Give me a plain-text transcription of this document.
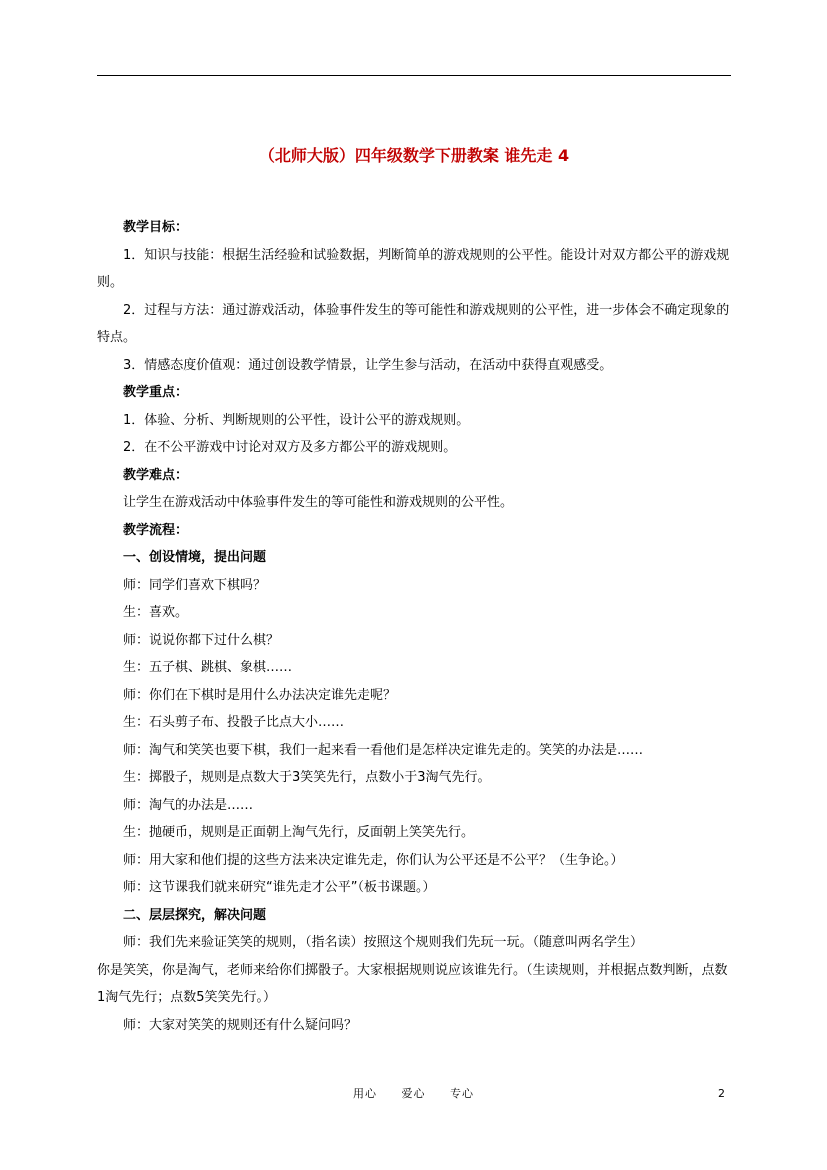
（北师大版）四年级数学下册教案 谁先走 4

教学目标：

1．知识与技能：根据生活经验和试验数据，判断简单的游戏规则的公平性。能设计对双方都公平的游戏规则。

2．过程与方法：通过游戏活动，体验事件发生的等可能性和游戏规则的公平性，进一步体会不确定现象的特点。

3．情感态度价值观：通过创设教学情景，让学生参与活动，在活动中获得直观感受。

教学重点：

1．体验、分析、判断规则的公平性，设计公平的游戏规则。

2．在不公平游戏中讨论对双方及多方都公平的游戏规则。

教学难点：

让学生在游戏活动中体验事件发生的等可能性和游戏规则的公平性。

教学流程：

一、创设情境，提出问题

师：同学们喜欢下棋吗？

生：喜欢。

师：说说你都下过什么棋？

生：五子棋、跳棋、象棋……

师：你们在下棋时是用什么办法决定谁先走呢？

生：石头剪子布、投骰子比点大小……

师：淘气和笑笑也要下棋，我们一起来看一看他们是怎样决定谁先走的。笑笑的办法是……

生：掷骰子，规则是点数大于3笑笑先行，点数小于3淘气先行。

师：淘气的办法是……

生：抛硬币，规则是正面朝上淘气先行，反面朝上笑笑先行。

师：用大家和他们提的这些方法来决定谁先走，你们认为公平还是不公平？（生争论。）

师：这节课我们就来研究“谁先走才公平”（板书课题。）

二、层层探究，解决问题

师：我们先来验证笑笑的规则，（指名读）按照这个规则我们先玩一玩。（随意叫两名学生）

你是笑笑，你是淘气，老师来给你们掷骰子。大家根据规则说应该谁先行。（生读规则，并根据点数判断，点数1淘气先行；点数5笑笑先行。）

师：大家对笑笑的规则还有什么疑问吗？

用心 爱心 专心	2
